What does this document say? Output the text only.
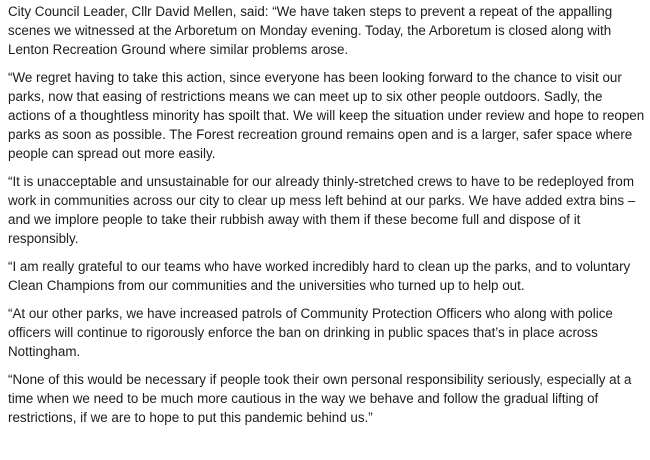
City Council Leader, Cllr David Mellen, said: “We have taken steps to prevent a repeat of the appalling scenes we witnessed at the Arboretum on Monday evening. Today, the Arboretum is closed along with Lenton Recreation Ground where similar problems arose.

“We regret having to take this action, since everyone has been looking forward to the chance to visit our parks, now that easing of restrictions means we can meet up to six other people outdoors. Sadly, the actions of a thoughtless minority has spoilt that. We will keep the situation under review and hope to reopen parks as soon as possible. The Forest recreation ground remains open and is a larger, safer space where people can spread out more easily.

“It is unacceptable and unsustainable for our already thinly-stretched crews to have to be redeployed from work in communities across our city to clear up mess left behind at our parks. We have added extra bins – and we implore people to take their rubbish away with them if these become full and dispose of it responsibly.

“I am really grateful to our teams who have worked incredibly hard to clean up the parks, and to voluntary Clean Champions from our communities and the universities who turned up to help out.

“At our other parks, we have increased patrols of Community Protection Officers who along with police officers will continue to rigorously enforce the ban on drinking in public spaces that’s in place across Nottingham.

“None of this would be necessary if people took their own personal responsibility seriously, especially at a time when we need to be much more cautious in the way we behave and follow the gradual lifting of restrictions, if we are to hope to put this pandemic behind us.”
